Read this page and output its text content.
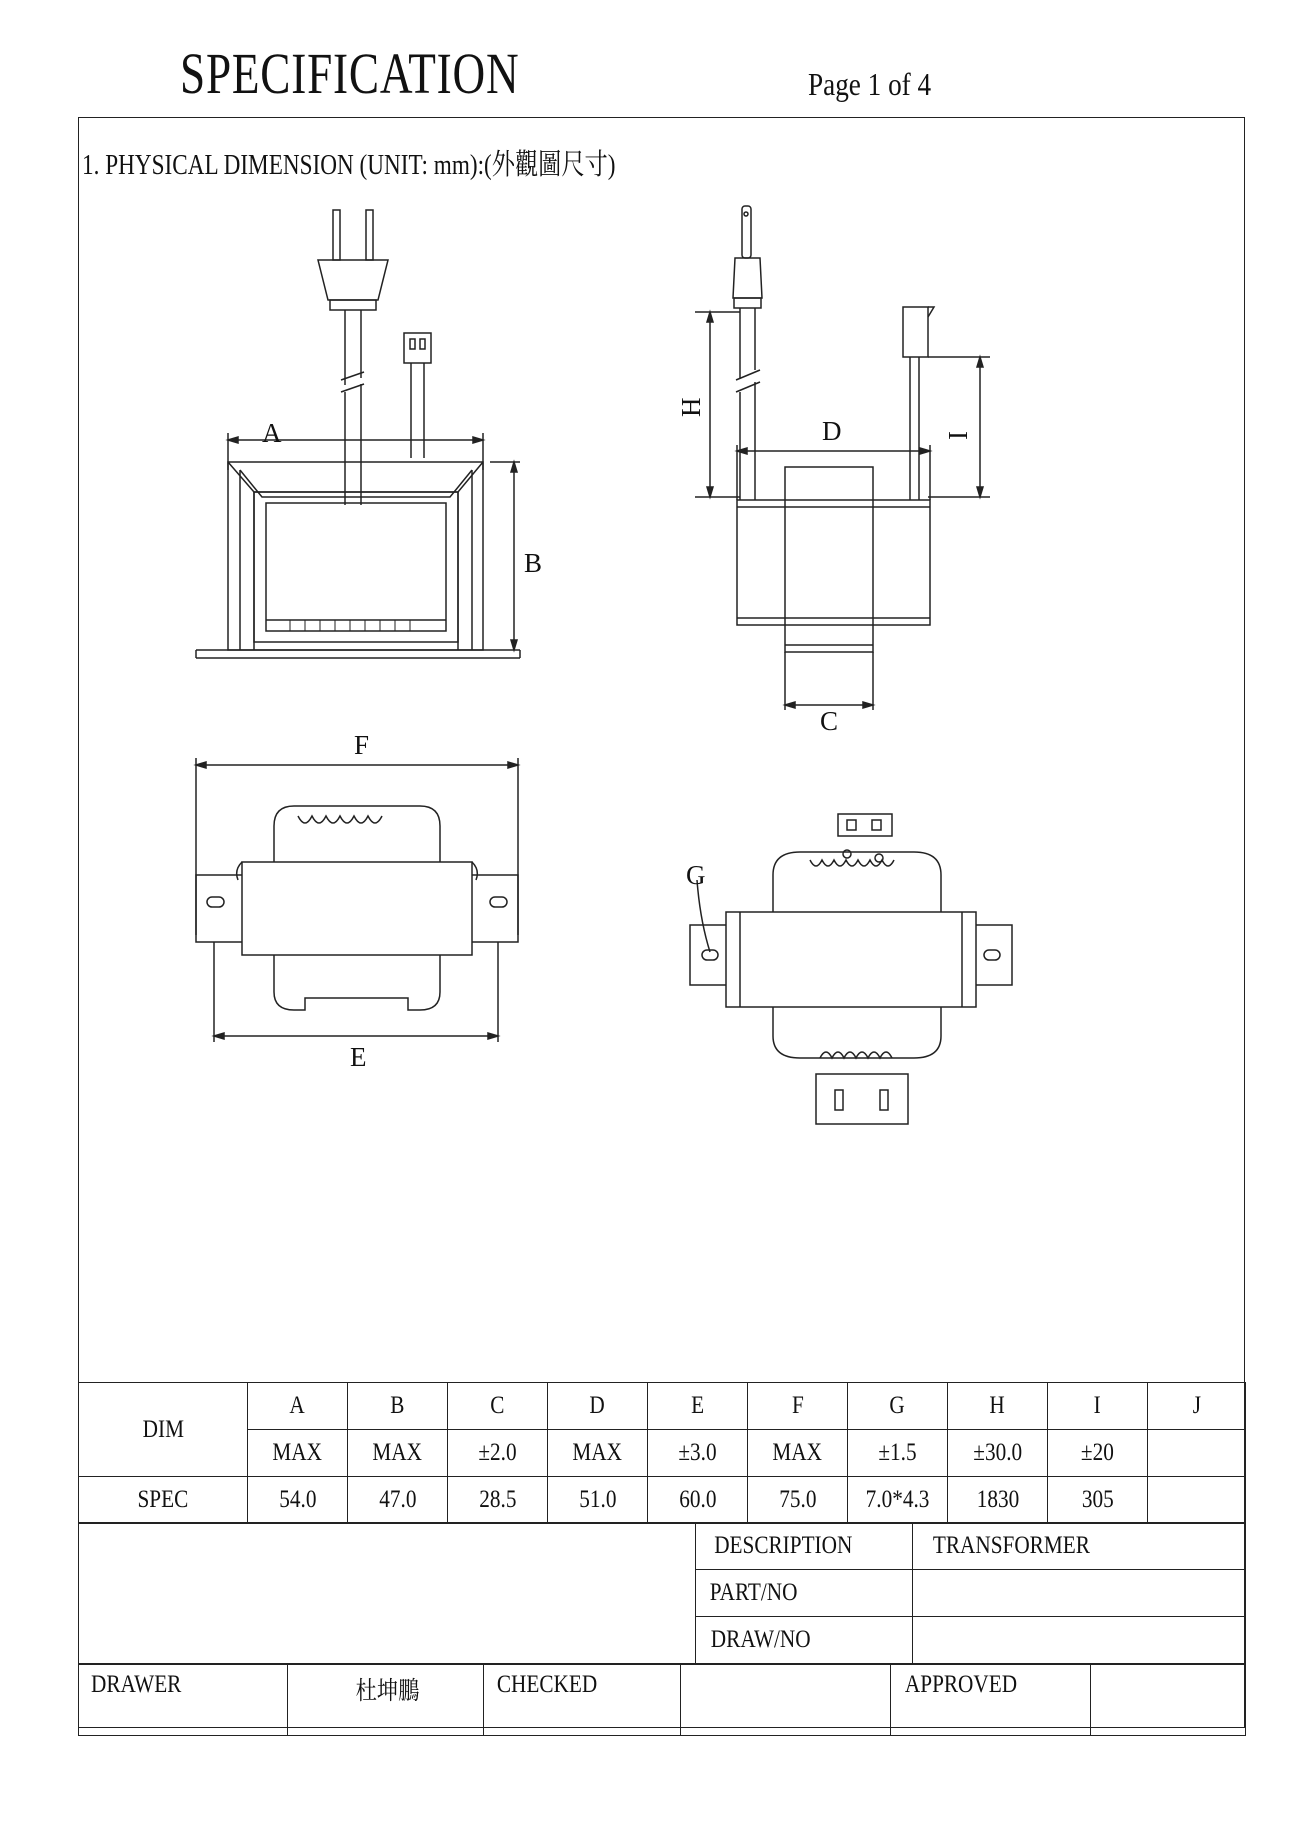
SPECIFICATION	Page 1 of 4
1. PHYSICAL DIMENSION (UNIT: mm):(外觀圖尺寸)
A
B
C
D
E
F
G
H
I
DIM	A	B	C	D	E	F	G	H	I	J
	MAX	MAX	±2.0	MAX	±3.0	MAX	±1.5	±30.0	±20	
SPEC	54.0	47.0	28.5	51.0	60.0	75.0	7.0*4.3	1830	305	
	DESCRIPTION	TRANSFORMER
	PART/NO	
	DRAW/NO	
DRAWER	杜坤鵬	CHECKED		APPROVED	
